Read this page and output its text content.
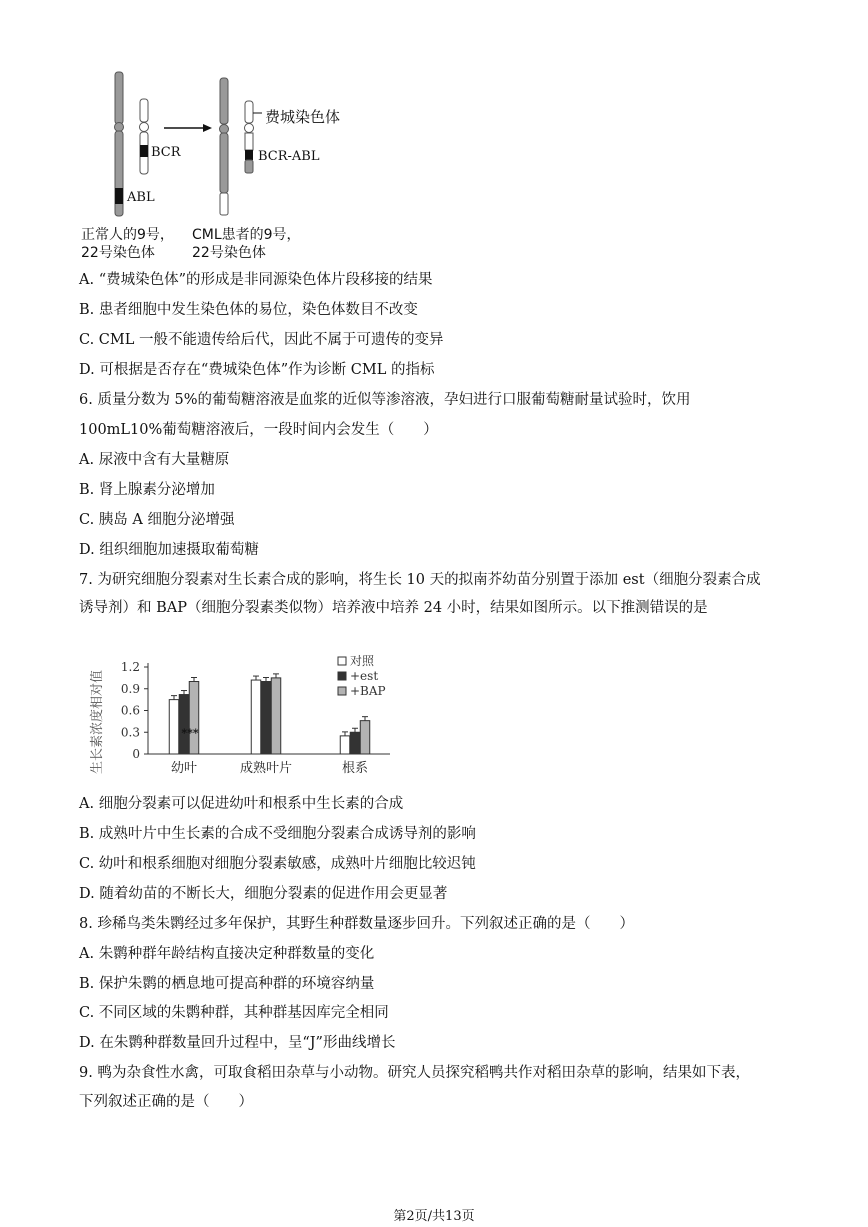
费城染色体
BCR	BCR-ABL
ABL
正常人的9号，
22号染色体
CML患者的9号，
22号染色体
A. “费城染色体”的形成是非同源染色体片段移接的结果
B. 患者细胞中发生染色体的易位，染色体数目不改变
C. CML 一般不能遗传给后代，因此不属于可遗传的变异
D. 可根据是否存在“费城染色体”作为诊断 CML 的指标
6. 质量分数为 5%的葡萄糖溶液是血浆的近似等渗溶液，孕妇进行口服葡萄糖耐量试验时，饮用
100mL10%葡萄糖溶液后，一段时间内会发生（　　）
A. 尿液中含有大量糖原
B. 肾上腺素分泌增加
C. 胰岛 A 细胞分泌增强
D. 组织细胞加速摄取葡萄糖
7. 为研究细胞分裂素对生长素合成的影响，将生长 10 天的拟南芥幼苗分别置于添加 est（细胞分裂素合成
诱导剂）和 BAP（细胞分裂素类似物）培养液中培养 24 小时，结果如图所示。以下推测错误的是
生长素浓度相对值 0
0.3
0.6
0.9
1.2
幼叶	成熟叶片	根系
对照
+est
+BAP
***
A. 细胞分裂素可以促进幼叶和根系中生长素的合成
B. 成熟叶片中生长素的合成不受细胞分裂素合成诱导剂的影响
C. 幼叶和根系细胞对细胞分裂素敏感，成熟叶片细胞比较迟钝
D. 随着幼苗的不断长大，细胞分裂素的促进作用会更显著
8. 珍稀鸟类朱鹮经过多年保护，其野生种群数量逐步回升。下列叙述正确的是（　　）
A. 朱鹮种群年龄结构直接决定种群数量的变化
B. 保护朱鹮的栖息地可提高种群的环境容纳量
C. 不同区域的朱鹮种群，其种群基因库完全相同
D. 在朱鹮种群数量回升过程中，呈“J”形曲线增长
9. 鸭为杂食性水禽，可取食稻田杂草与小动物。研究人员探究稻鸭共作对稻田杂草的影响，结果如下表，
下列叙述正确的是（　　）
第2页/共13页
